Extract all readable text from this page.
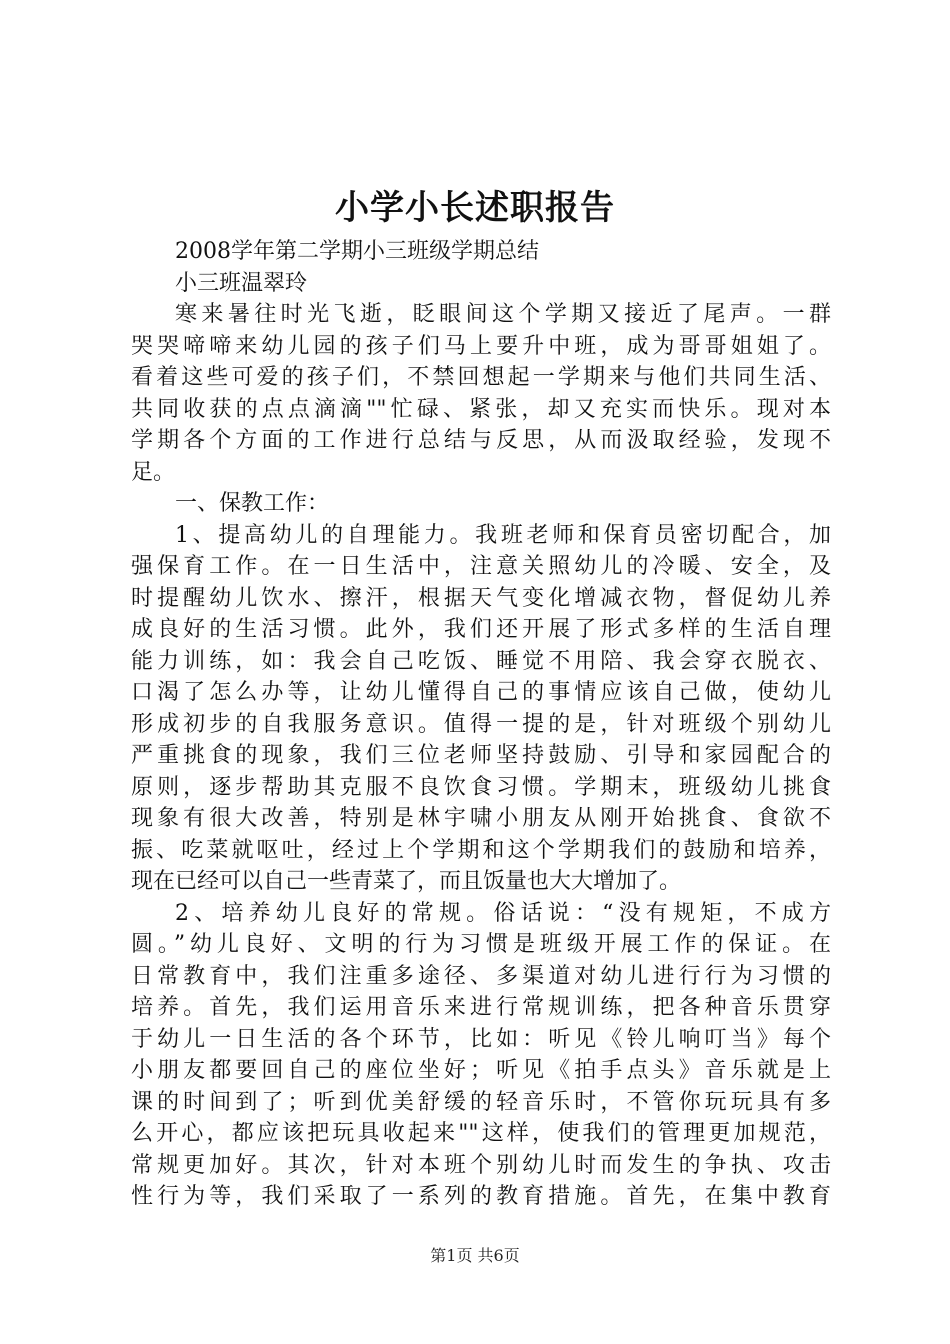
小学小长述职报告
2008学年第二学期小三班级学期总结
小三班温翠玲
寒来暑往时光飞逝，眨眼间这个学期又接近了尾声。一群
哭哭啼啼来幼儿园的孩子们马上要升中班，成为哥哥姐姐了。
看着这些可爱的孩子们，不禁回想起一学期来与他们共同生活、
共同收获的点点滴滴""忙碌、紧张，却又充实而快乐。现对本
学期各个方面的工作进行总结与反思，从而汲取经验，发现不
足。
一、保教工作：
1、提高幼儿的自理能力。我班老师和保育员密切配合，加
强保育工作。在一日生活中，注意关照幼儿的冷暖、安全，及
时提醒幼儿饮水、擦汗，根据天气变化增减衣物，督促幼儿养
成良好的生活习惯。此外，我们还开展了形式多样的生活自理
能力训练，如：我会自己吃饭、睡觉不用陪、我会穿衣脱衣、
口渴了怎么办等，让幼儿懂得自己的事情应该自己做，使幼儿
形成初步的自我服务意识。值得一提的是，针对班级个别幼儿
严重挑食的现象，我们三位老师坚持鼓励、引导和家园配合的
原则，逐步帮助其克服不良饮食习惯。学期末，班级幼儿挑食
现象有很大改善，特别是林宇啸小朋友从刚开始挑食、食欲不
振、吃菜就呕吐，经过上个学期和这个学期我们的鼓励和培养，
现在已经可以自己一些青菜了，而且饭量也大大增加了。
2、培养幼儿良好的常规。俗话说：“没有规矩，不成方
圆。”幼儿良好、文明的行为习惯是班级开展工作的保证。在
日常教育中，我们注重多途径、多渠道对幼儿进行行为习惯的
培养。首先，我们运用音乐来进行常规训练，把各种音乐贯穿
于幼儿一日生活的各个环节，比如：听见《铃儿响叮当》每个
小朋友都要回自己的座位坐好；听见《拍手点头》音乐就是上
课的时间到了；听到优美舒缓的轻音乐时，不管你玩玩具有多
么开心，都应该把玩具收起来""这样，使我们的管理更加规范，
常规更加好。其次，针对本班个别幼儿时而发生的争执、攻击
性行为等，我们采取了一系列的教育措施。首先，在集中教育
第1页 共6页
